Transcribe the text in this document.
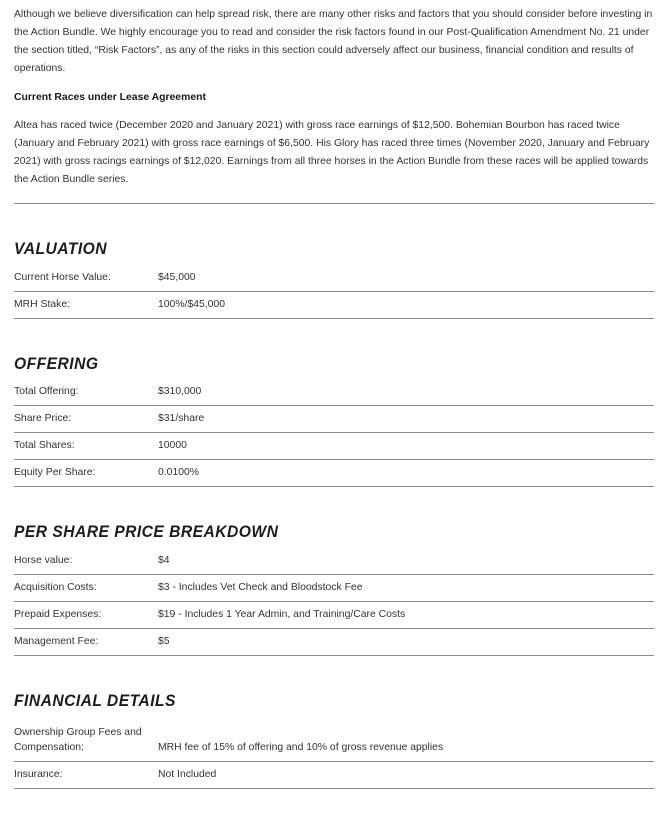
Although we believe diversification can help spread risk, there are many other risks and factors that you should consider before investing in the Action Bundle. We highly encourage you to read and consider the risk factors found in our Post-Qualification Amendment No. 21 under the section titled, “Risk Factors”, as any of the risks in this section could adversely affect our business, financial condition and results of operations.

Current Races under Lease Agreement

Altea has raced twice (December 2020 and January 2021) with gross race earnings of $12,500. Bohemian Bourbon has raced twice (January and February 2021) with gross race earnings of $6,500. His Glory has raced three times (November 2020, January and February 2021) with gross racings earnings of $12,020. Earnings from all three horses in the Action Bundle from these races will be applied towards the Action Bundle series.

VALUATION
Current Horse Value:	$45,000
MRH Stake:	100%/$45,000
OFFERING
Total Offering:	$310,000
Share Price:	$31/share
Total Shares:	10000
Equity Per Share:	0.0100%
PER SHARE PRICE BREAKDOWN
Horse value:	$4
Acquisition Costs:	$3 - Includes Vet Check and Bloodstock Fee
Prepaid Expenses:	$19 - Includes 1 Year Admin, and Training/Care Costs
Management Fee:	$5
FINANCIAL DETAILS
Ownership Group Fees and Compensation:	MRH fee of 15% of offering and 10% of gross revenue applies
Insurance:	Not Included
